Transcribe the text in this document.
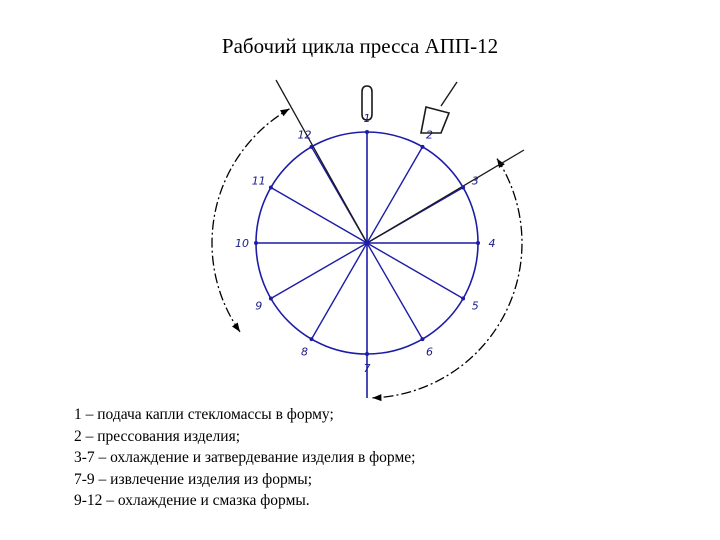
Рабочий цикла пресса АПП-12
1
2
3
4
5
6
7
8
9
10
11
12
1 – подача капли стекломассы в форму;
2 – прессования изделия;
3-7 – охлаждение и затвердевание изделия в форме;
7-9 – извлечение изделия из формы;
9-12 – охлаждение и смазка формы.
